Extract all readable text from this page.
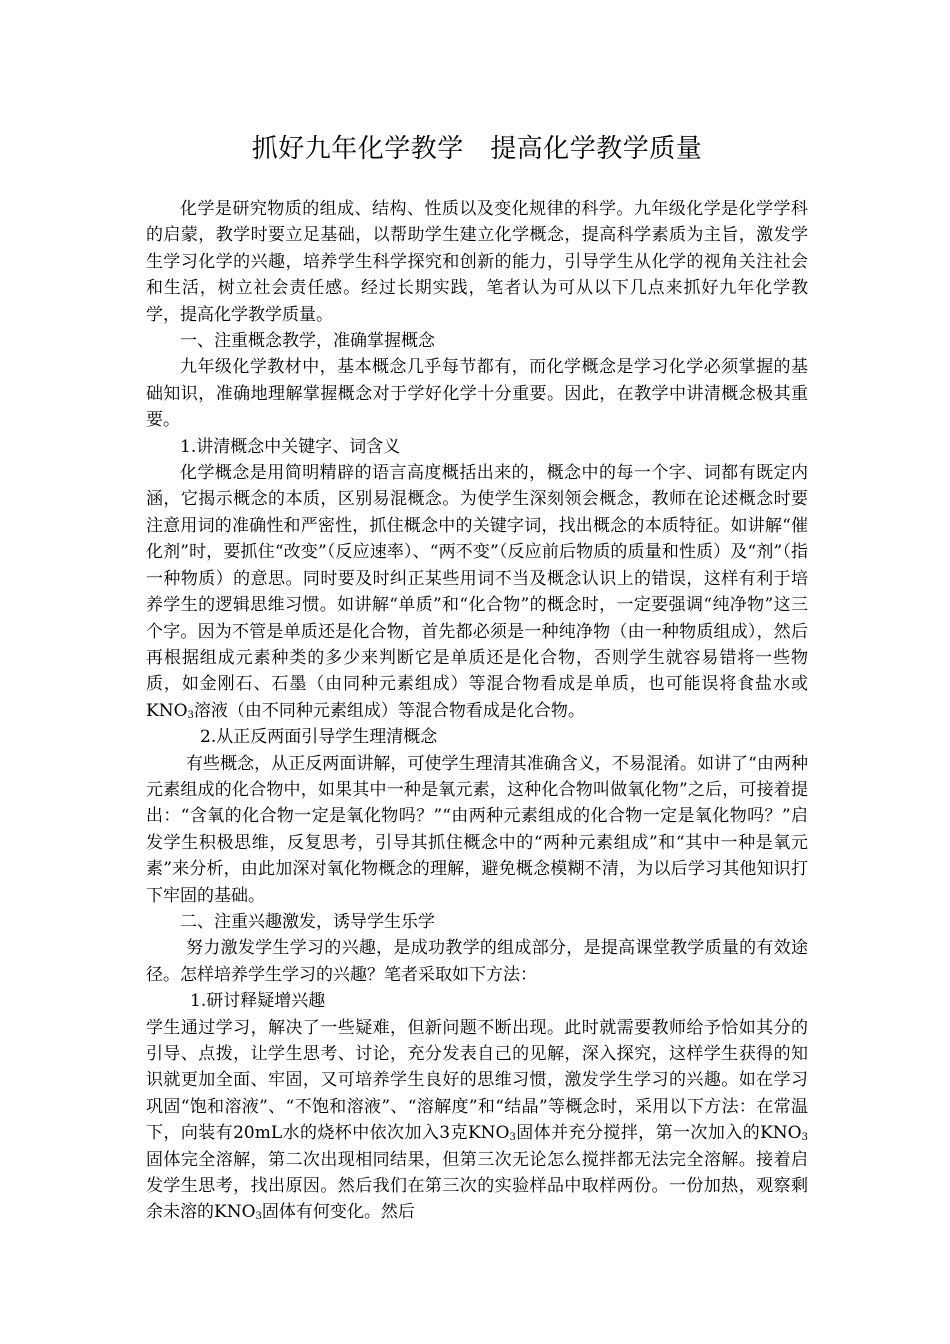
抓好九年化学教学　提高化学教学质量

化学是研究物质的组成、结构、性质以及变化规律的科学。九年级化学是化学学科的启蒙，教学时要立足基础，以帮助学生建立化学概念，提高科学素质为主旨，激发学生学习化学的兴趣，培养学生科学探究和创新的能力，引导学生从化学的视角关注社会和生活，树立社会责任感。经过长期实践，笔者认为可从以下几点来抓好九年化学教学，提高化学教学质量。

一、注重概念教学，准确掌握概念

九年级化学教材中，基本概念几乎每节都有，而化学概念是学习化学必须掌握的基础知识，准确地理解掌握概念对于学好化学十分重要。因此，在教学中讲清概念极其重要。

1.讲清概念中关键字、词含义

化学概念是用简明精辟的语言高度概括出来的，概念中的每一个字、词都有既定内涵，它揭示概念的本质，区别易混概念。为使学生深刻领会概念，教师在论述概念时要注意用词的准确性和严密性，抓住概念中的关键字词，找出概念的本质特征。如讲解“催化剂”时，要抓住“改变”（反应速率）、“两不变”（反应前后物质的质量和性质）及“剂”（指一种物质）的意思。同时要及时纠正某些用词不当及概念认识上的错误，这样有利于培养学生的逻辑思维习惯。如讲解“单质”和“化合物”的概念时，一定要强调“纯净物”这三个字。因为不管是单质还是化合物，首先都必须是一种纯净物（由一种物质组成），然后再根据组成元素种类的多少来判断它是单质还是化合物，否则学生就容易错将一些物质，如金刚石、石墨（由同种元素组成）等混合物看成是单质，也可能误将食盐水或$KNO_3$溶液（由不同种元素组成）等混合物看成是化合物。

2.从正反两面引导学生理清概念

有些概念，从正反两面讲解，可使学生理清其准确含义，不易混淆。如讲了“由两种元素组成的化合物中，如果其中一种是氧元素，这种化合物叫做氧化物”之后，可接着提出：“含氧的化合物一定是氧化物吗？”“由两种元素组成的化合物一定是氧化物吗？”启发学生积极思维，反复思考，引导其抓住概念中的“两种元素组成”和“其中一种是氧元素”来分析，由此加深对氧化物概念的理解，避免概念模糊不清，为以后学习其他知识打下牢固的基础。

二、注重兴趣激发，诱导学生乐学

努力激发学生学习的兴趣，是成功教学的组成部分，是提高课堂教学质量的有效途径。怎样培养学生学习的兴趣？笔者采取如下方法：

1.研讨释疑增兴趣

学生通过学习，解决了一些疑难，但新问题不断出现。此时就需要教师给予恰如其分的引导、点拨，让学生思考、讨论，充分发表自己的见解，深入探究，这样学生获得的知识就更加全面、牢固，又可培养学生良好的思维习惯，激发学生学习的兴趣。如在学习巩固“饱和溶液”、“不饱和溶液”、“溶解度”和“结晶”等概念时，采用以下方法：在常温下，向装有20mL水的烧杯中依次加入3克$KNO_3$固体并充分搅拌，第一次加入的$KNO_3$固体完全溶解，第二次出现相同结果，但第三次无论怎么搅拌都无法完全溶解。接着启发学生思考，找出原因。然后我们在第三次的实验样品中取样两份。一份加热，观察剩余未溶的$KNO_3$固体有何变化。然后
